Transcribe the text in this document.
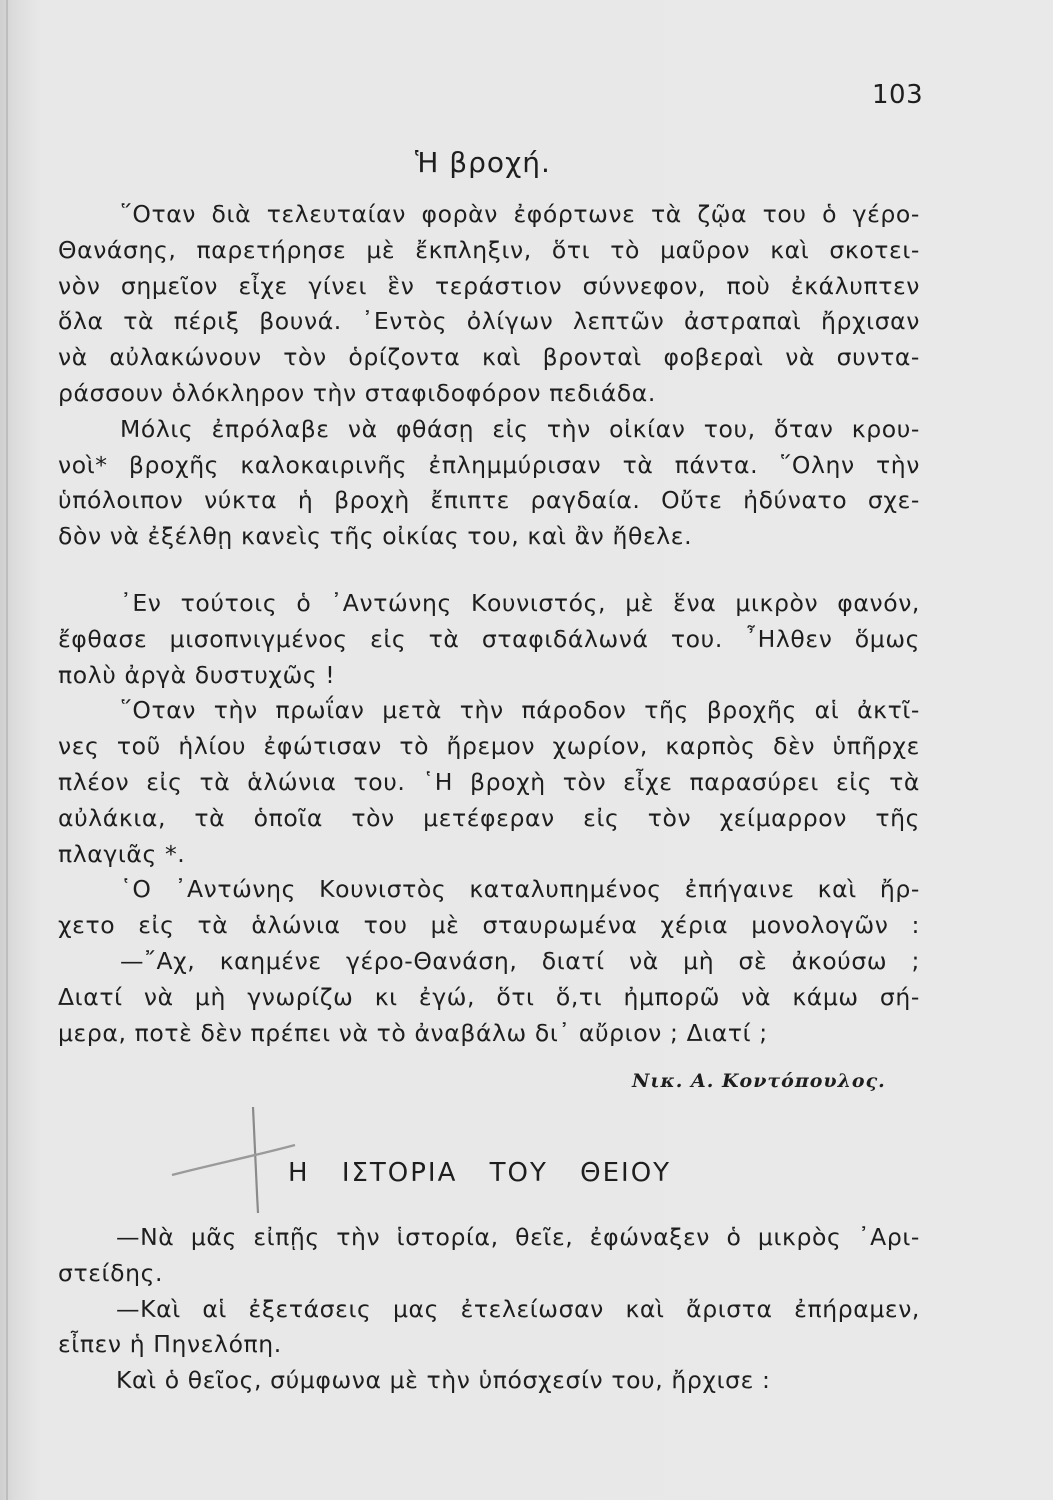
103
Ἡ βροχή.
῞Οταν διὰ τελευταίαν φορὰν ἐφόρτωνε τὰ ζῷα του ὁ γέρο-
Θανάσης, παρετήρησε μὲ ἔκπληξιν, ὅτι τὸ μαῦρον καὶ σκοτει-
νὸν σημεῖον εἶχε γίνει ἓν τεράστιον σύννεφον, ποὺ ἐκάλυπτεν
ὅλα τὰ πέριξ βουνά. ᾿Εντὸς ὀλίγων λεπτῶν ἀστραπαὶ ἤρχισαν
νὰ αὐλακώνουν τὸν ὁρίζοντα καὶ βρονταὶ φοβεραὶ νὰ συντα-
ράσσουν ὁλόκληρον τὴν σταφιδοφόρον πεδιάδα.
Μόλις ἐπρόλαβε νὰ φθάσῃ εἰς τὴν οἰκίαν του, ὅταν κρου-
νοὶ* βροχῆς καλοκαιρινῆς ἐπλημμύρισαν τὰ πάντα. ῞Ολην τὴν
ὑπόλοιπον νύκτα ἡ βροχὴ ἔπιπτε ραγδαία. Οὔτε ἠδύνατο σχε-
δὸν νὰ ἐξέλθῃ κανεὶς τῆς οἰκίας του, καὶ ἂν ἤθελε.
᾿Εν τούτοις ὁ ᾿Αντώνης Κουνιστός, μὲ ἕνα μικρὸν φανόν,
ἔφθασε μισοπνιγμένος εἰς τὰ σταφιδάλωνά του. ῏Ηλθεν ὅμως
πολὺ ἀργὰ δυστυχῶς !
῞Οταν τὴν πρωΐαν μετὰ τὴν πάροδον τῆς βροχῆς αἱ ἀκτῖ-
νες τοῦ ἡλίου ἐφώτισαν τὸ ἤρεμον χωρίον, καρπὸς δὲν ὑπῆρχε
πλέον εἰς τὰ ἁλώνια του. ῾Η βροχὴ τὸν εἶχε παρασύρει εἰς τὰ
αὐλάκια, τὰ ὁποῖα τὸν μετέφεραν εἰς τὸν χείμαρρον τῆς
πλαγιᾶς *.
῾Ο ᾿Αντώνης Κουνιστὸς καταλυπημένος ἐπήγαινε καὶ ἤρ-
χετο εἰς τὰ ἁλώνια του μὲ σταυρωμένα χέρια μονολογῶν :
—῎Αχ, καημένε γέρο-Θανάση, διατί νὰ μὴ σὲ ἀκούσω ;
Διατί νὰ μὴ γνωρίζω κι ἐγώ, ὅτι ὅ,τι ἠμπορῶ νὰ κάμω σή-
μερα, ποτὲ δὲν πρέπει νὰ τὸ ἀναβάλω δι᾿ αὔριον ; Διατί ;
Νικ. Α. Κοντόπουλος.
Η ΙΣΤΟΡΙΑ ΤΟΥ ΘΕΙΟΥ
—Νὰ μᾶς εἰπῇς τὴν ἱστορία, θεῖε, ἐφώναξεν ὁ μικρὸς ᾿Αρι-
στείδης.
—Καὶ αἱ ἐξετάσεις μας ἐτελείωσαν καὶ ἄριστα ἐπήραμεν,
εἶπεν ἡ Πηνελόπη.
Καὶ ὁ θεῖος, σύμφωνα μὲ τὴν ὑπόσχεσίν του, ἤρχισε :
